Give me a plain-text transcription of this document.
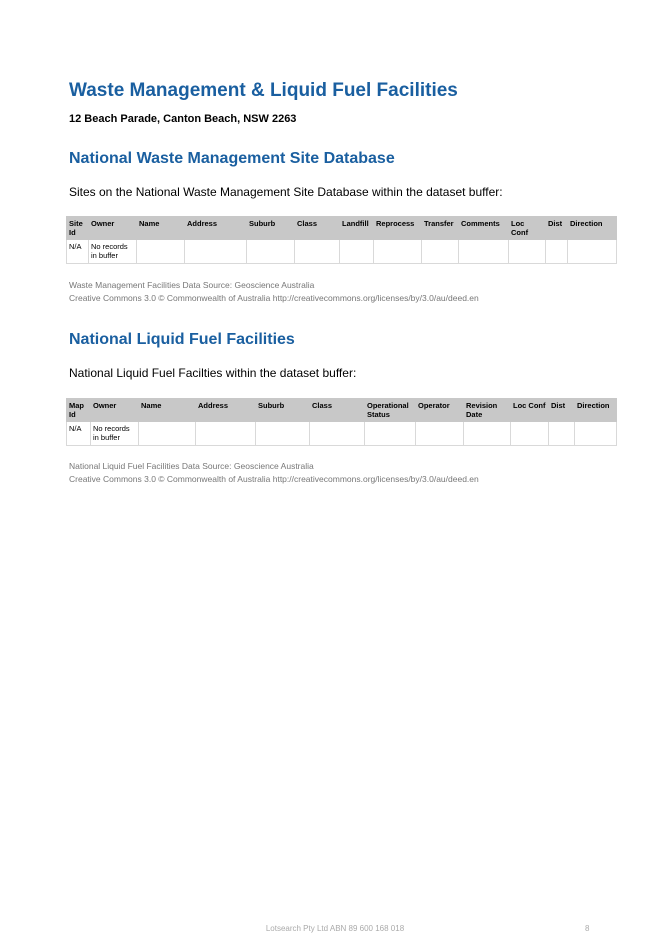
Waste Management & Liquid Fuel Facilities

12 Beach Parade, Canton Beach, NSW 2263

National Waste Management Site Database

Sites on the National Waste Management Site Database within the dataset buffer:

Site Id	Owner	Name	Address	Suburb	Class	Landfill	Reprocess	Transfer	Comments	Loc Conf	Dist	Direction
N/A	No records in buffer											

Waste Management Facilities Data Source: Geoscience Australia
Creative Commons 3.0 © Commonwealth of Australia http://creativecommons.org/licenses/by/3.0/au/deed.en

National Liquid Fuel Facilities

National Liquid Fuel Facilties within the dataset buffer:

Map Id	Owner	Name	Address	Suburb	Class	Operational Status	Operator	Revision Date	Loc Conf	Dist	Direction
N/A	No records in buffer										

National Liquid Fuel Facilities Data Source: Geoscience Australia
Creative Commons 3.0 © Commonwealth of Australia http://creativecommons.org/licenses/by/3.0/au/deed.en

Lotsearch Pty Ltd ABN 89 600 168 018	8
